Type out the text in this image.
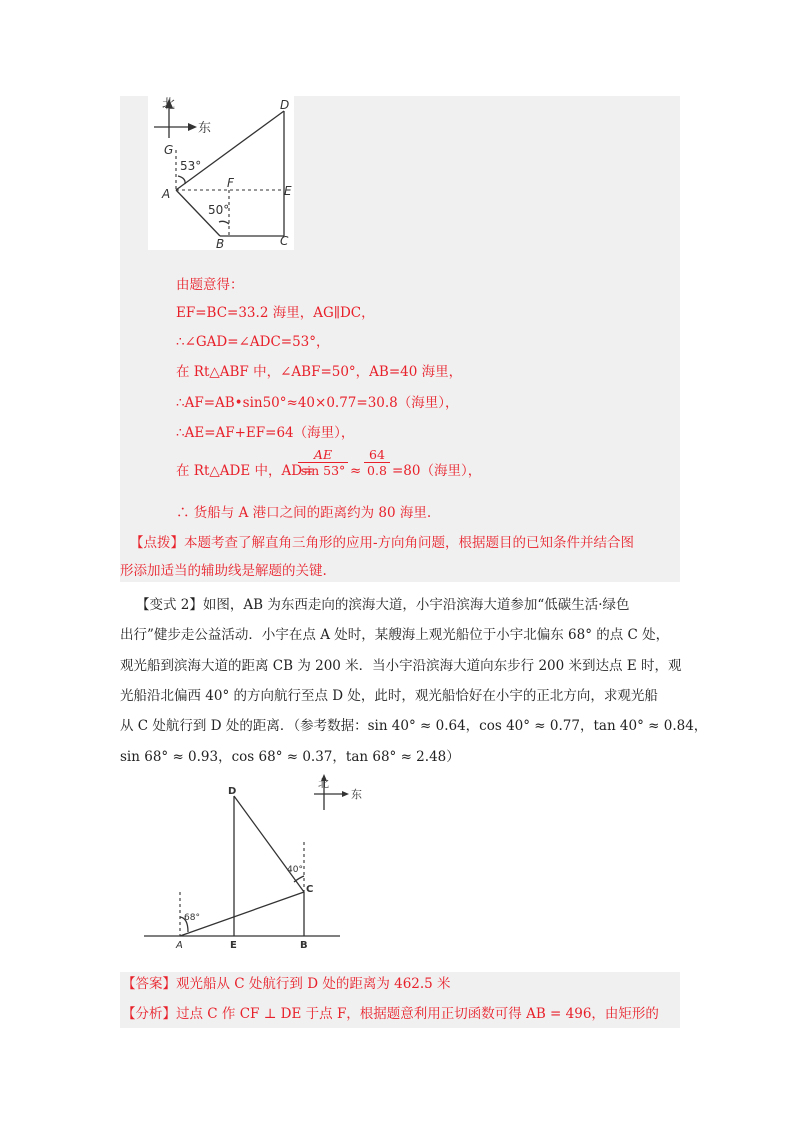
北
东
D
G
53°
A
F
E
50°
B	C
由题意得：
EF=BC=33.2 海里，AG∥DC，
∴∠GAD=∠ADC=53°，
在 Rt△ABF 中，∠ABF=50°，AB=40 海里，
∴AF=AB•sin50°≈40×0.77=30.8（海里），
∴AE=AF+EF=64（海里），
在 Rt△ADE 中，AD=
$\frac{AE}{\sin 53^\circ} \approx \frac{64}{0.8} =80$（海里），
∴ 货船与 A 港口之间的距离约为 80 海里.
【点拨】本题考查了解直角三角形的应用-方向角问题，根据题目的已知条件并结合图
形添加适当的辅助线是解题的关键.
【变式 2】如图，AB 为东西走向的滨海大道，小宇沿滨海大道参加“低碳生活·绿色
出行”健步走公益活动．小宇在点 A 处时，某艘海上观光船位于小宇北偏东 68° 的点 C 处，
观光船到滨海大道的距离 CB 为 200 米．当小宇沿滨海大道向东步行 200 米到达点 E 时，观
光船沿北偏西 40° 的方向航行至点 D 处，此时，观光船恰好在小宇的正北方向，求观光船
从 C 处航行到 D 处的距离．（参考数据：sin 40° ≈ 0.64，cos 40° ≈ 0.77，tan 40° ≈ 0.84，
sin 68° ≈ 0.93，cos 68° ≈ 0.37，tan 68° ≈ 2.48）
北
东
D
40°
C
68°
A	E	B
【答案】观光船从 C 处航行到 D 处的距离为 462.5 米
【分析】过点 C 作 CF ⊥ DE 于点 F，根据题意利用正切函数可得 AB = 496，由矩形的
